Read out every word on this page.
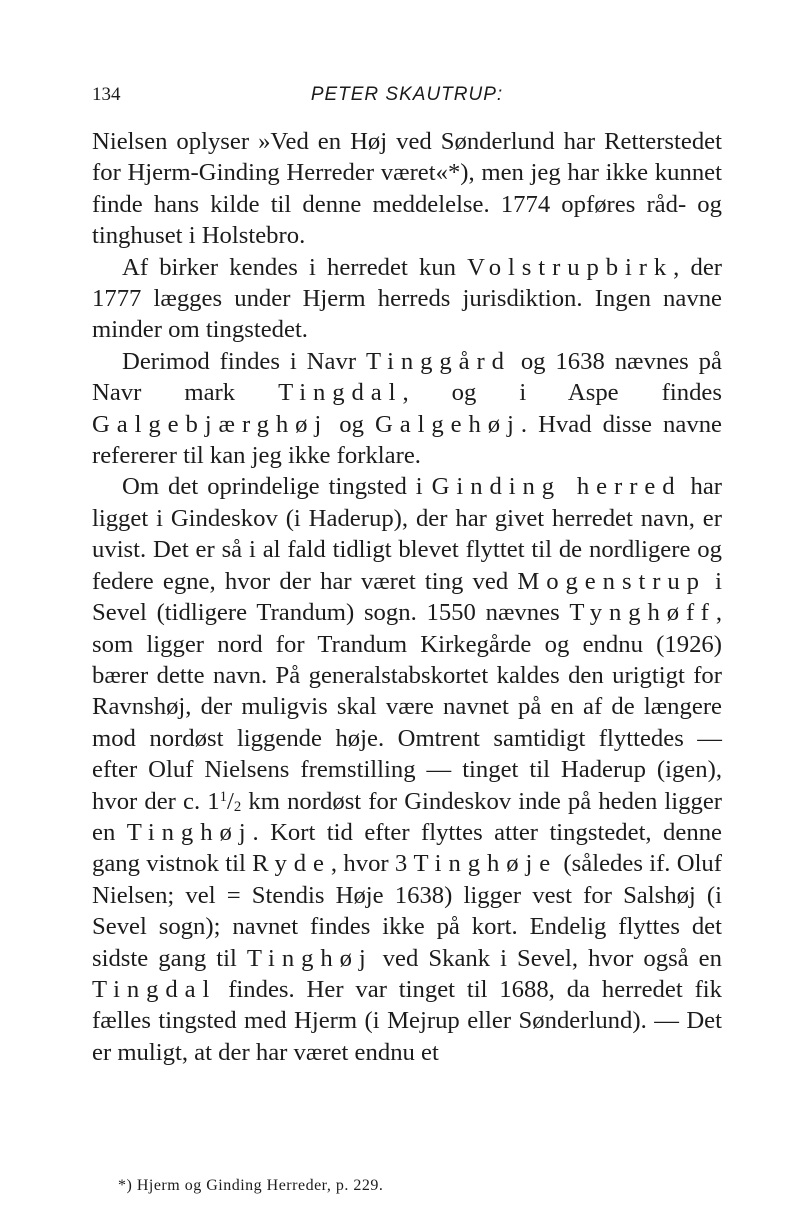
134	PETER SKAUTRUP:

Nielsen oplyser »Ved en Høj ved Sønderlund har Retterstedet for Hjerm-Ginding Herreder været«*), men jeg har ikke kunnet finde hans kilde til denne meddelelse. 1774 opføres råd- og tinghuset i Holstebro.

Af birker kendes i herredet kun Volstrupbirk, der 1777 lægges under Hjerm herreds jurisdiktion. Ingen navne minder om tingstedet.

Derimod findes i Navr Tinggård og 1638 nævnes på Navr mark Tingdal, og i Aspe findes Galgebjærghøj og Galgehøj. Hvad disse navne refererer til kan jeg ikke forklare.

Om det oprindelige tingsted i Ginding herred har ligget i Gindeskov (i Haderup), der har givet herredet navn, er uvist. Det er så i al fald tidligt blevet flyttet til de nordligere og federe egne, hvor der har været ting ved Mogenstrup i Sevel (tidligere Trandum) sogn. 1550 nævnes Tynghøff, som ligger nord for Trandum Kirkegårde og endnu (1926) bærer dette navn. På generalstabskortet kaldes den urigtigt for Ravnshøj, der muligvis skal være navnet på en af de længere mod nordøst liggende høje. Omtrent samtidigt flyttedes — efter Oluf Nielsens fremstilling — tinget til Haderup (igen), hvor der c. $1^1/_2$ km nordøst for Gindeskov inde på heden ligger en Tinghøj. Kort tid efter flyttes atter tingstedet, denne gang vistnok til Ryde, hvor 3 Tinghøje (således if. Oluf Nielsen; vel = Stendis Høje 1638) ligger vest for Salshøj (i Sevel sogn); navnet findes ikke på kort. Endelig flyttes det sidste gang til Tinghøj ved Skank i Sevel, hvor også en Tingdal findes. Her var tinget til 1688, da herredet fik fælles tingsted med Hjerm (i Mejrup eller Sønderlund). — Det er muligt, at der har været endnu et

*) Hjerm og Ginding Herreder, p. 229.
